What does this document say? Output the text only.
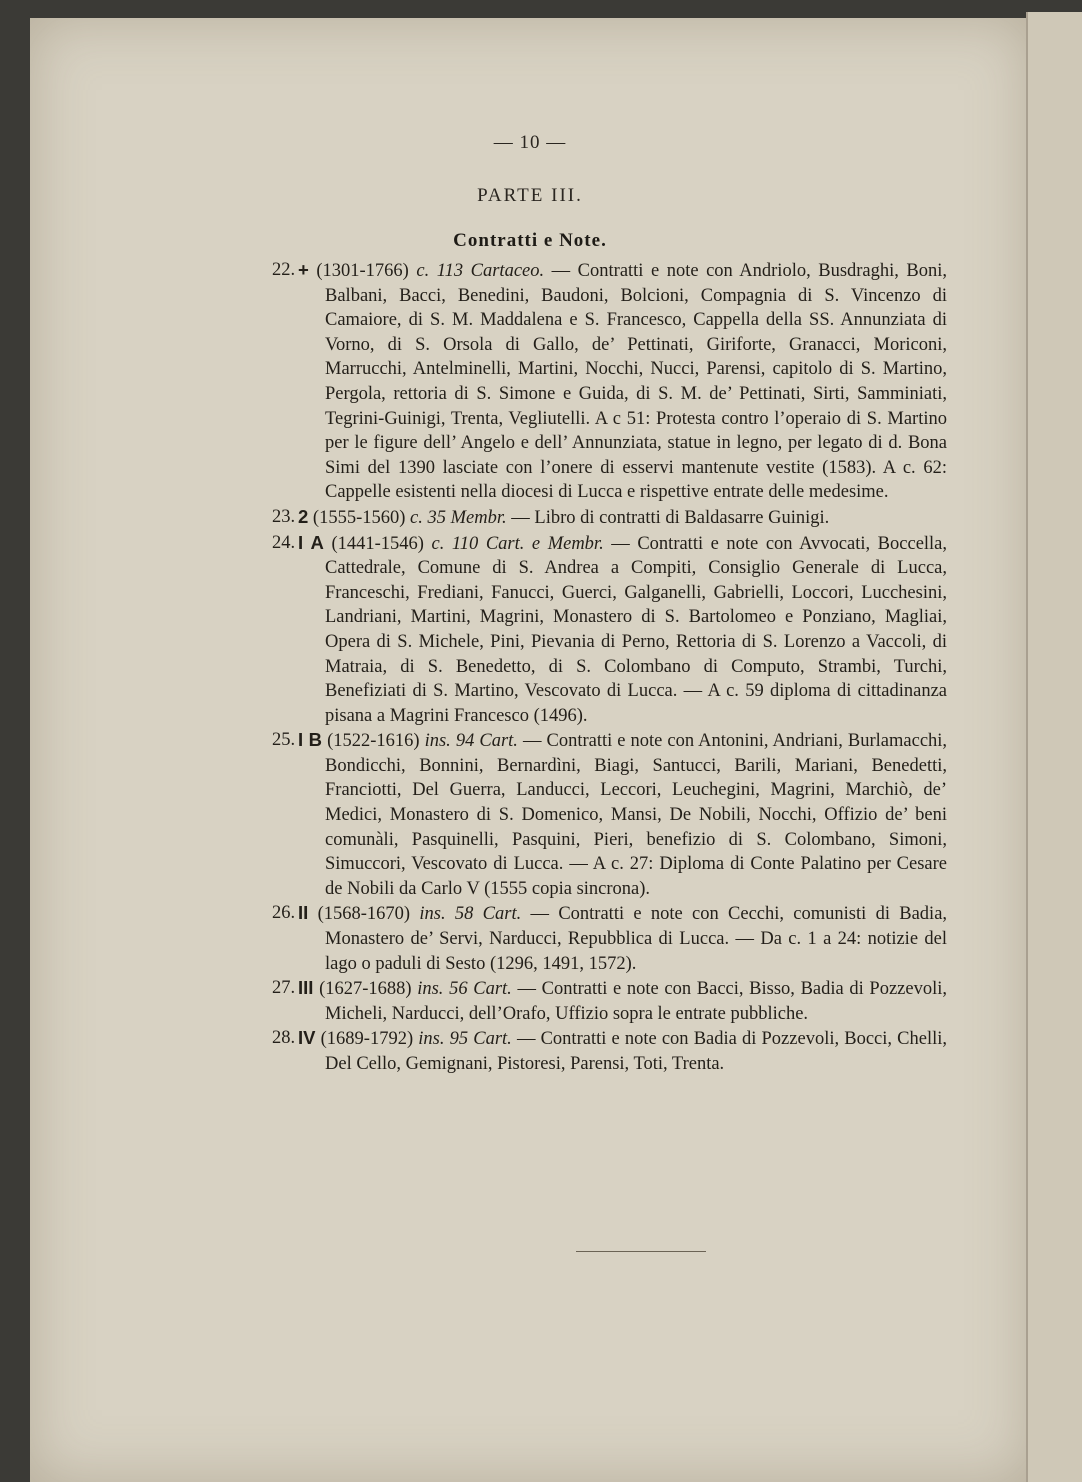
— 10 —
PARTE III.
Contratti e Note.

22. + (1301-1766) c. 113 Cartaceo. — Contratti e note con Andriolo, Busdraghi, Boni, Balbani, Bacci, Benedini, Baudoni, Bolcioni, Compagnia di S. Vincenzo di Camaiore, di S. M. Maddalena e S. Francesco, Cappella della SS. Annunziata di Vorno, di S. Orsola di Gallo, de’ Pettinati, Giriforte, Granacci, Moriconi, Marrucchi, Antelminelli, Martini, Nocchi, Nucci, Parensi, capitolo di S. Martino, Pergola, rettoria di S. Simone e Guida, di S. M. de’ Pettinati, Sirti, Samminiati, Tegrini-Guinigi, Trenta, Vegliutelli. A c 51: Protesta contro l’operaio di S. Martino per le figure dell’ Angelo e dell’ Annunziata, statue in legno, per legato di d. Bona Simi del 1390 lasciate con l’onere di esservi mantenute vestite (1583). A c. 62: Cappelle esistenti nella diocesi di Lucca e rispettive entrate delle medesime.

23. 2 (1555-1560) c. 35 Membr. — Libro di contratti di Baldasarre Guinigi.

24. I A (1441-1546) c. 110 Cart. e Membr. — Contratti e note con Avvocati, Boccella, Cattedrale, Comune di S. Andrea a Compiti, Consiglio Generale di Lucca, Franceschi, Frediani, Fanucci, Guerci, Galganelli, Gabrielli, Loccori, Lucchesini, Landriani, Martini, Magrini, Monastero di S. Bartolomeo e Ponziano, Magliai, Opera di S. Michele, Pini, Pievania di Perno, Rettoria di S. Lorenzo a Vaccoli, di Matraia, di S. Benedetto, di S. Colombano di Computo, Strambi, Turchi, Benefiziati di S. Martino, Vescovato di Lucca. — A c. 59 diploma di cittadinanza pisana a Magrini Francesco (1496).

25. I B (1522-1616) ins. 94 Cart. — Contratti e note con Antonini, Andriani, Burlamacchi, Bondicchi, Bonnini, Bernardìni, Biagi, Santucci, Barili, Mariani, Benedetti, Franciotti, Del Guerra, Landucci, Leccori, Leuchegini, Magrini, Marchiò, de’ Medici, Monastero di S. Domenico, Mansi, De Nobili, Nocchi, Offizio de’ beni comunàli, Pasquinelli, Pasquini, Pieri, benefizio di S. Colombano, Simoni, Simuccori, Vescovato di Lucca. — A c. 27: Diploma di Conte Palatino per Cesare de Nobili da Carlo V (1555 copia sincrona).

26. II (1568-1670) ins. 58 Cart. — Contratti e note con Cecchi, comunisti di Badia, Monastero de’ Servi, Narducci, Repubblica di Lucca. — Da c. 1 a 24: notizie del lago o paduli di Sesto (1296, 1491, 1572).

27. III (1627-1688) ins. 56 Cart. — Contratti e note con Bacci, Bisso, Badia di Pozzevoli, Micheli, Narducci, dell’Orafo, Uffizio sopra le entrate pubbliche.

28. IV (1689-1792) ins. 95 Cart. — Contratti e note con Badia di Pozzevoli, Bocci, Chelli, Del Cello, Gemignani, Pistoresi, Parensi, Toti, Trenta.
